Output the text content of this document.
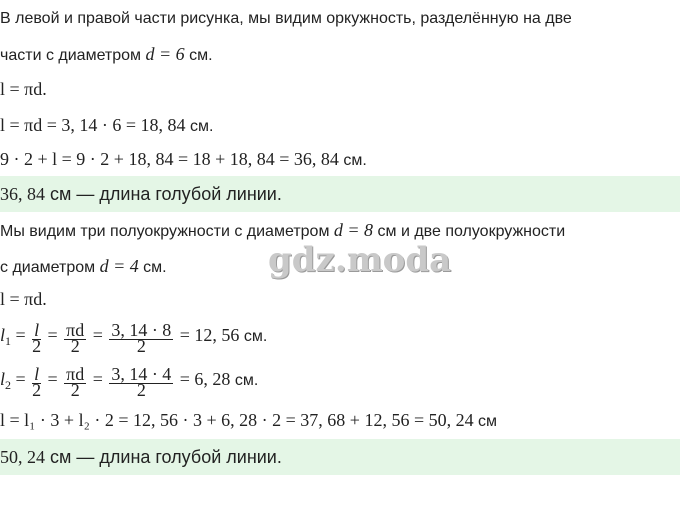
В левой и правой части рисунка, мы видим оркужность, разделённую на две
части с диаметром d = 6 см.
l = πd.
l = πd = 3, 14 · 6 = 18, 84 см.
9 · 2 + l = 9 · 2 + 18, 84 = 18 + 18, 84 = 36, 84 см.
36, 84 см — длина голубой линии.
Мы видим три полуокружности с диаметром d = 8 см и две полуокружности
с диаметром d = 4 см.
l = πd.
$l_1 = \frac{l}{2} = \frac{\pi d}{2} = \frac{3, 14 \cdot 8}{2} = 12$, 56 см.
$l_2 = \frac{l}{2} = \frac{\pi d}{2} = \frac{3, 14 \cdot 4}{2} = 6$, 28 см.
l = l₁ · 3 + l₂ · 2 = 12, 56 · 3 + 6, 28 · 2 = 37, 68 + 12, 56 = 50, 24 см
50, 24 см — длина голубой линии.
gdz.moda
